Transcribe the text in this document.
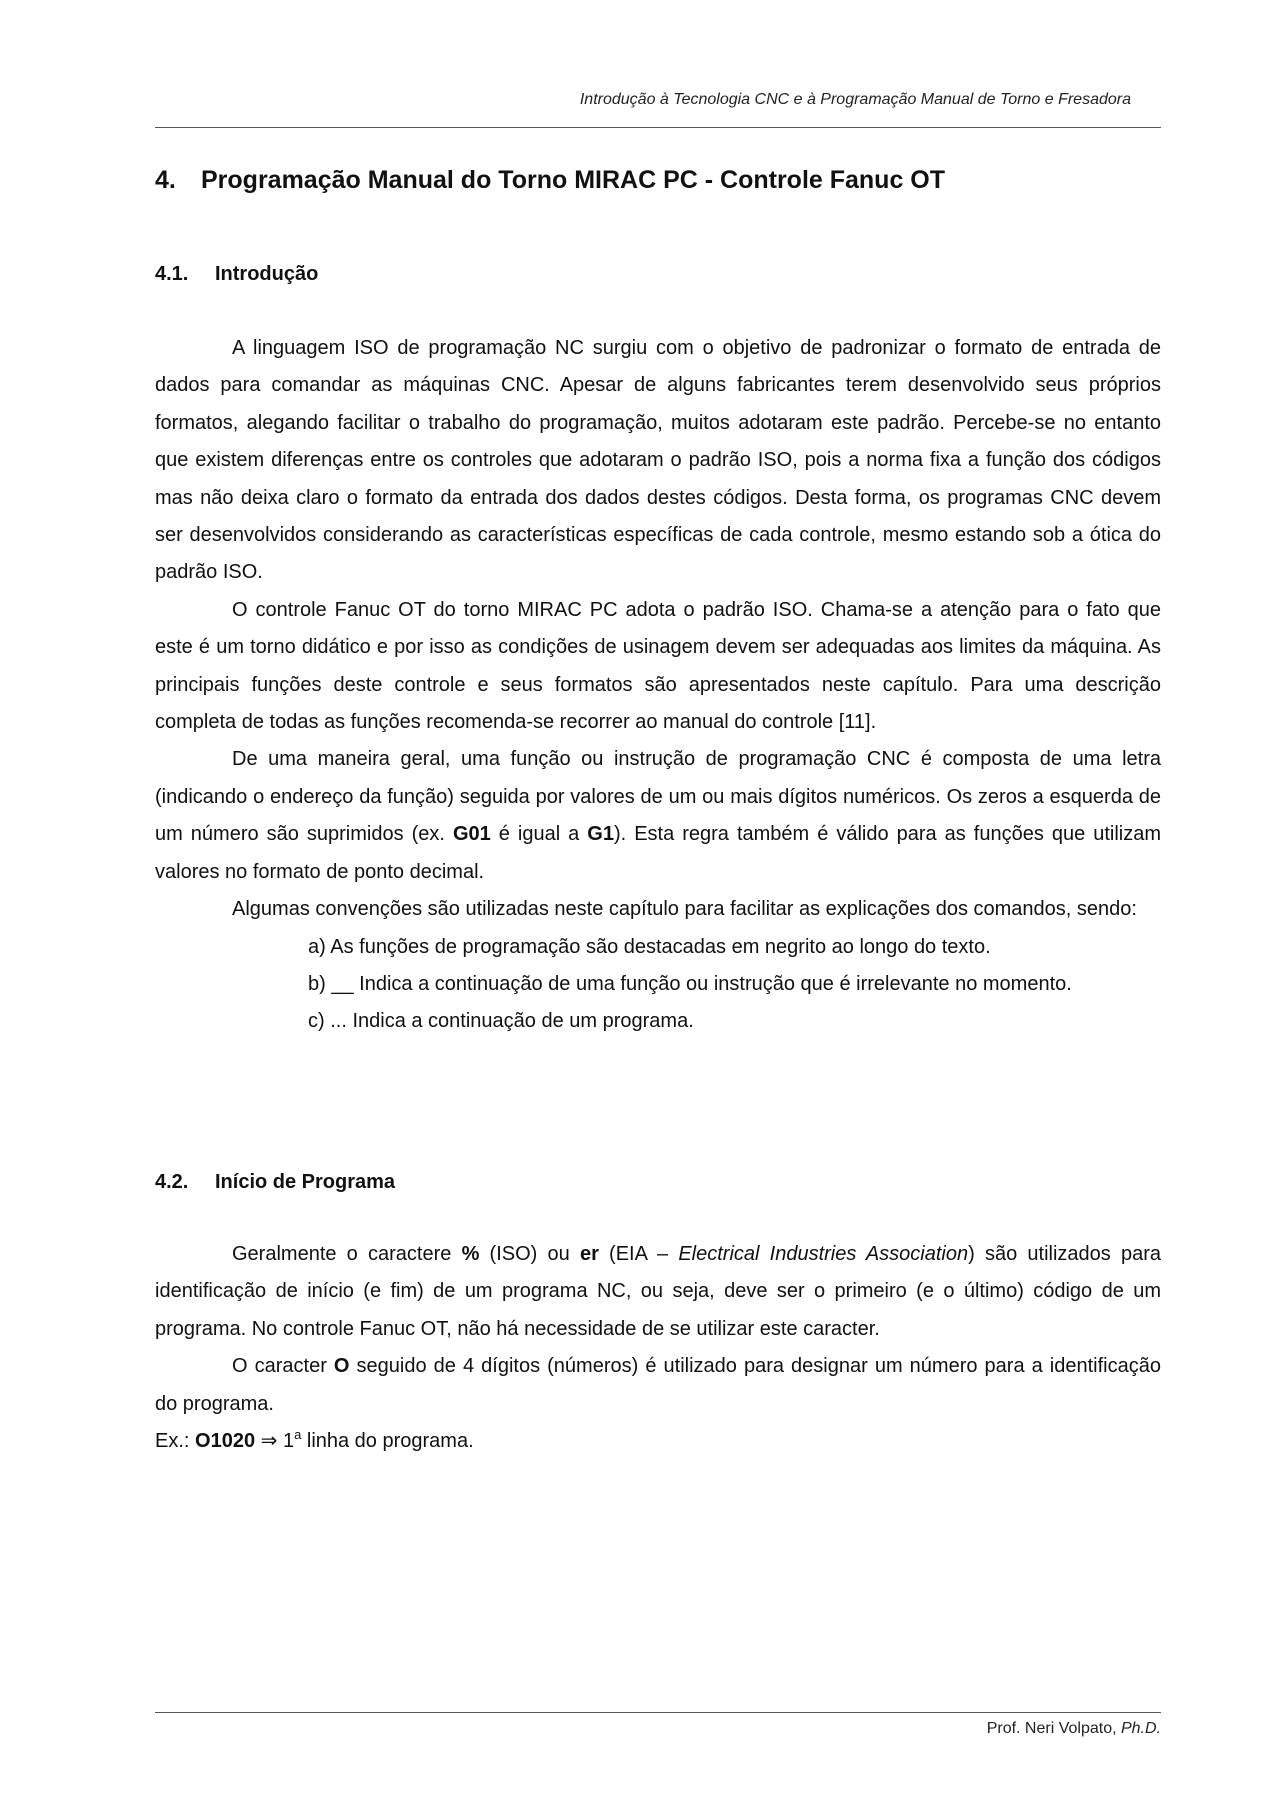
Introdução à Tecnologia CNC e à Programação Manual de Torno e Fresadora
4. Programação Manual do Torno MIRAC PC - Controle Fanuc OT
4.1. Introdução

A linguagem ISO de programação NC surgiu com o objetivo de padronizar o formato de entrada de dados para comandar as máquinas CNC. Apesar de alguns fabricantes terem desenvolvido seus próprios formatos, alegando facilitar o trabalho do programação, muitos adotaram este padrão. Percebe-se no entanto que existem diferenças entre os controles que adotaram o padrão ISO, pois a norma fixa a função dos códigos mas não deixa claro o formato da entrada dos dados destes códigos. Desta forma, os programas CNC devem ser desenvolvidos considerando as características específicas de cada controle, mesmo estando sob a ótica do padrão ISO.

O controle Fanuc OT do torno MIRAC PC adota o padrão ISO. Chama-se a atenção para o fato que este é um torno didático e por isso as condições de usinagem devem ser adequadas aos limites da máquina. As principais funções deste controle e seus formatos são apresentados neste capítulo. Para uma descrição completa de todas as funções recomenda-se recorrer ao manual do controle [11].

De uma maneira geral, uma função ou instrução de programação CNC é composta de uma letra (indicando o endereço da função) seguida por valores de um ou mais dígitos numéricos. Os zeros a esquerda de um número são suprimidos (ex. G01 é igual a G1). Esta regra também é válido para as funções que utilizam valores no formato de ponto decimal.

Algumas convenções são utilizadas neste capítulo para facilitar as explicações dos comandos, sendo:

a) As funções de programação são destacadas em negrito ao longo do texto.

b) __ Indica a continuação de uma função ou instrução que é irrelevante no momento.

c) ... Indica a continuação de um programa.

4.2. Início de Programa

Geralmente o caractere % (ISO) ou er (EIA – Electrical Industries Association) são utilizados para identificação de início (e fim) de um programa NC, ou seja, deve ser o primeiro (e o último) código de um programa. No controle Fanuc OT, não há necessidade de se utilizar este caracter.

O caracter O seguido de 4 dígitos (números) é utilizado para designar um número para a identificação do programa.

Ex.: O1020 ⇒ 1$^a$ linha do programa.

Prof. Neri Volpato, Ph.D.
